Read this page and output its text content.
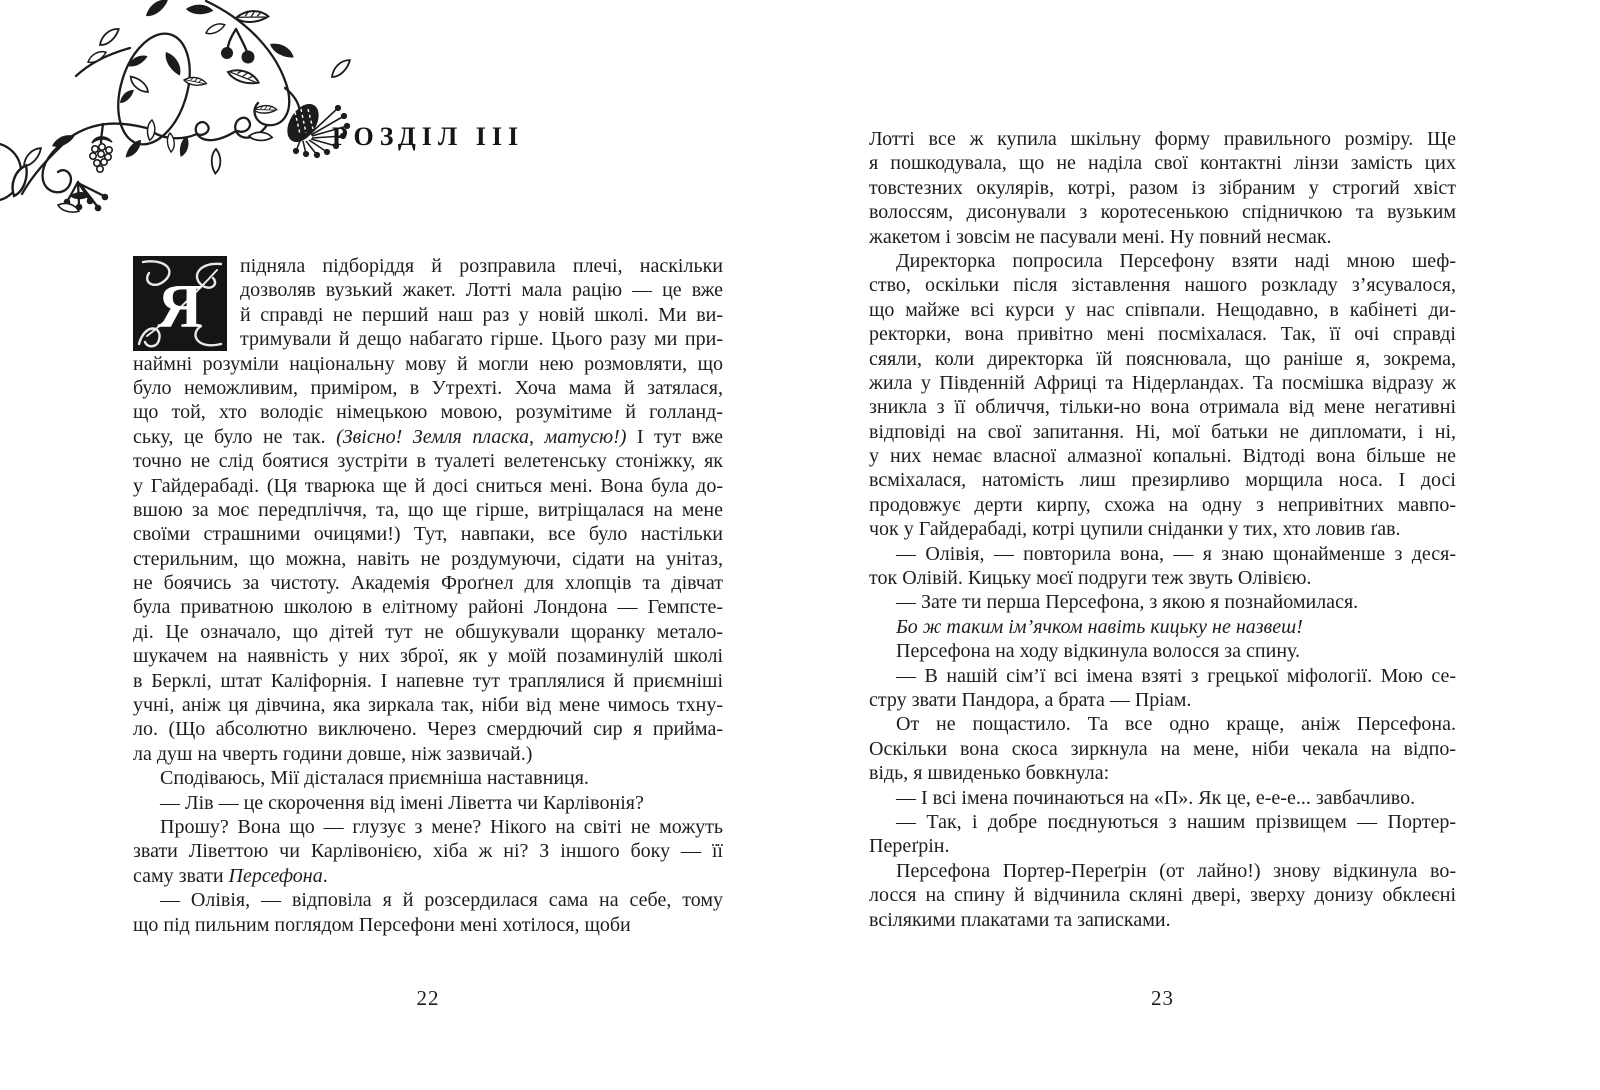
РОЗДІЛ ІІІ
Я
підняла підборіддя й розправила плечі, наскільки
дозволяв вузький жакет. Лотті мала рацію — це вже
й справді не перший наш раз у новій школі. Ми ви-
тримували й дещо набагато гірше. Цього разу ми при-
наймні розуміли національну мову й могли нею розмовляти, що
було неможливим, приміром, в Утрехті. Хоча мама й затялася,
що той, хто володіє німецькою мовою, розумітиме й голланд-
ську, це було не так. (Звісно! Земля пласка, матусю!) І тут вже
точно не слід боятися зустріти в туалеті велетенську стоніжку, як
у Гайдерабаді. (Ця тварюка ще й досі сниться мені. Вона була до-
вшою за моє передпліччя, та, що ще гірше, витріщалася на мене
своїми страшними очицями!) Тут, навпаки, все було настільки
стерильним, що можна, навіть не роздумуючи, сідати на унітаз,
не боячись за чистоту. Академія Фроґнел для хлопців та дівчат
була приватною школою в елітному районі Лондона — Гемпсте-
ді. Це означало, що дітей тут не обшукували щоранку метало-
шукачем на наявність у них зброї, як у моїй позаминулій школі
в Берклі, штат Каліфорнія. І напевне тут траплялися й приємніші
учні, аніж ця дівчина, яка зиркала так, ніби від мене чимось тхну-
ло. (Що абсолютно виключено. Через смердючий сир я прийма-
ла душ на чверть години довше, ніж зазвичай.)
Сподіваюсь, Мії дісталася приємніша наставниця.
— Лів — це скорочення від імені Ліветта чи Карлівонія?
Прошу? Вона що — глузує з мене? Нікого на світі не можуть
звати Ліветтою чи Карлівонією, хіба ж ні? З іншого боку — її
саму звати Персефона.
— Олівія, — відповіла я й розсердилася сама на себе, тому
що під пильним поглядом Персефони мені хотілося, щоби
Лотті все ж купила шкільну форму правильного розміру. Ще
я пошкодувала, що не наділа свої контактні лінзи замість цих
товстезних окулярів, котрі, разом із зібраним у строгий хвіст
волоссям, дисонували з коротесенькою спідничкою та вузьким
жакетом і зовсім не пасували мені. Ну повний несмак.
Директорка попросила Персефону взяти наді мною шеф-
ство, оскільки після зіставлення нашого розкладу з’ясувалося,
що майже всі курси у нас співпали. Нещодавно, в кабінеті ди-
ректорки, вона привітно мені посміхалася. Так, її очі справді
сяяли, коли директорка їй пояснювала, що раніше я, зокрема,
жила у Південній Африці та Нідерландах. Та посмішка відразу ж
зникла з її обличчя, тільки-но вона отримала від мене негативні
відповіді на свої запитання. Ні, мої батьки не дипломати, і ні,
у них немає власної алмазної копальні. Відтоді вона більше не
всміхалася, натомість лиш презирливо морщила носа. І досі
продовжує дерти кирпу, схожа на одну з непривітних мавпо-
чок у Гайдерабаді, котрі цупили сніданки у тих, хто ловив ґав.
— Олівія, — повторила вона, — я знаю щонайменше з деся-
ток Олівій. Кицьку моєї подруги теж звуть Олівією.
— Зате ти перша Персефона, з якою я познайомилася.
Бо ж таким ім’ячком навіть кицьку не назвеш!
Персефона на ходу відкинула волосся за спину.
— В нашій сім’ї всі імена взяті з грецької міфології. Мою се-
стру звати Пандора, а брата — Пріам.
От не пощастило. Та все одно краще, аніж Персефона.
Оскільки вона скоса зиркнула на мене, ніби чекала на відпо-
відь, я швиденько бовкнула:
— І всі імена починаються на «П». Як це, е-е-е... завбачливо.
— Так, і добре поєднуються з нашим прізвищем — Портер-
Переґрін.
Персефона Портер-Переґрін (от лайно!) знову відкинула во-
лосся на спину й відчинила скляні двері, зверху донизу обклеєні
всілякими плакатами та записками.
22	23
